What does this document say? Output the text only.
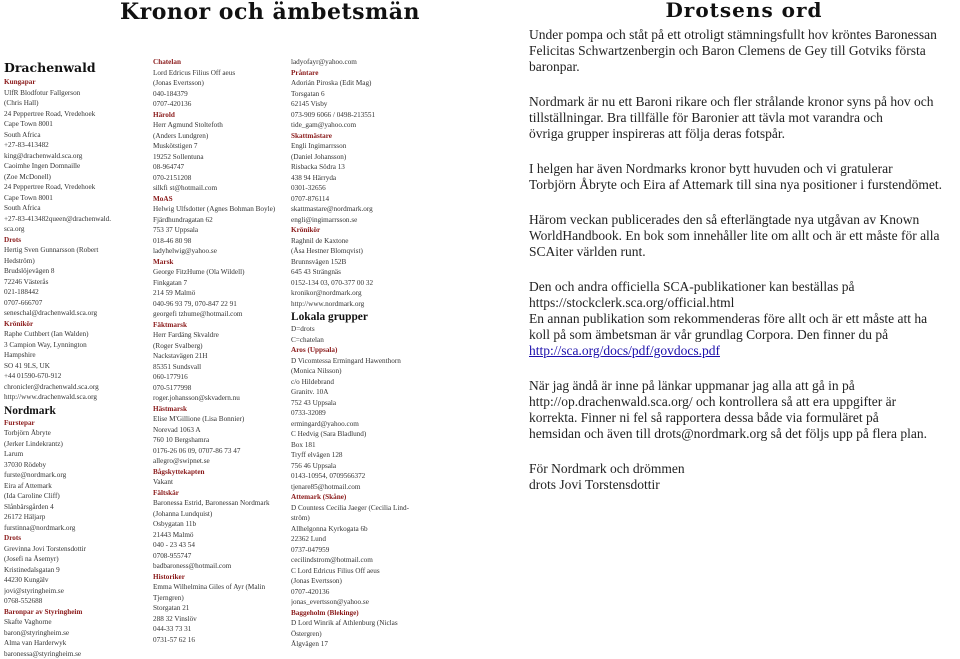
Kronor och ämbetsmän
Drachenwald
Kungapar
UlfR Blodfotur Fallgerson
(Chris Hall)
24 Peppertree Road, Vredehoek
Cape Town 8001
South Africa
+27-83-413482
king@drachenwald.sca.org
Caoimhe Ingen Domnaille
(Zoe McDonell)
24 Peppertree Road, Vredehoek
Cape Town 8001
South Africa
+27-83-413482queen@drachenwald.
sca.org
Drots
Hertig Sven Gunnarsson (Robert
Hedström)
Brudslöjevägen 8
72246 Västerås
021-188442
0707-666707
seneschal@drachenwald.sca.org
Krönikör
Raphe Cuthbert (Ian Walden)
3 Campion Way, Lynnington
Hampshire
SO 41 9LS, UK
+44 01590-670-912
chronicler@drachenwald.sca.org
http://www.drachenwald.sca.org
Nordmark
Furstepar
Torbjörn Åbryte
(Jerker Lindekrantz)
Larum
37030 Rödeby
furste@nordmark.org
Eira af Attemark
(Ida Caroline Cliff)
Slånbärsgården 4
26172 Häljarp
furstinna@nordmark.org
Drots
Grevinna Jovi Torstensdottir
(Josefi na Åsemyr)
Kristinedalsgatan 9
44230 Kungälv
jovi@styringheim.se
0768-552688
Baronpar av Styringheim
Skafte Vaghorne
baron@styringheim.se
Alma van Harderwyk
baronessa@styringheim.se
Chatelan
Lord Edricus Filius Off aeus
(Jonas Evertsson)
040-184379
0707-420136
Härold
Herr Agmund Stoltefoth
(Anders Lundgren)
Muskötstigen 7
19252 Sollentuna
08-964747
070-2151208
silkfi st@hotmail.com
MoAS
Helwig Ulfsdotter (Agnes Bohman Boyle)
Fjärdhundragatan 62
753 37 Uppsala
018-46 80 98
ladyhelwig@yahoo.se
Marsk
George FitzHume (Ola Wildell)
Finkgatan 7
214 59 Malmö
040-96 93 79, 070-847 22 91
georgefi tzhume@hotmail.com
Fäktmarsk
Herr Fardäng Skvaldre
(Roger Svalberg)
Nackstavägen 21H
85351 Sundsvall
060-177916
070-5177998
roger.johansson@skvadern.nu
Hästmarsk
Elise M'Gillione (Lisa Bonnier)
Norevad 1063 A
760 10 Bergshamra
0176-26 06 09, 0707-86 73 47
allegro@swipnet.se
Bågskyttekapten
Vakant
Fältskär
Baronessa Estrid, Baronessan Nordmark
(Johanna Lundquist)
Osbygatan 11b
21443 Malmö
040 - 23 43 54
0708-955747
badbaroness@hotmail.com
Historiker
Emma Wilhelmina Giles of Ayr (Malin
Tjerngren)
Storgatan 21
288 32 Vinslöv
044-33 73 31
0731-57 62 16
ladyofayr@yahoo.com
Pråntare
Adorián Piroska (Edit Mag)
Torsgatan 6
62145 Visby
073-909 6066 / 0498-213551
tide_gam@yahoo.com
Skattmästare
Engli Ingimarrsson
(Daniel Johansson)
Risbacka Södra 13
438 94 Härryda
0301-32656
0707-876114
skattmastare@nordmark.org
engli@ingimarrsson.se
Krönikör
Raghnil de Kaxtone
(Åsa Hestner Blomqvist)
Brunnsvägen 152B
645 43 Strängnäs
0152-134 03, 070-377 00 32
kronikor@nordmark.org
http://www.nordmark.org
Lokala grupper
D=drots
C=chatelan
Aros (Uppsala)
D Vicomtessa Ermingard Hawenthorn
(Monica Nilsson)
c/o Hildebrand
Granitv. 10A
752 43 Uppsala
0733-32089
ermingard@yahoo.com
C Hedvig (Sara Bladlund)
Box 181
Tryff elvägen 128
756 46 Uppsala
0143-10954, 0709566372
tjenare85@hotmail.com
Attemark (Skåne)
D Countess Cecilia Jaeger (Cecilia Lind-
ström)
Allhelgonna Kyrkogata 6b
22362 Lund
0737-047959
cecilindstrom@hotmail.com
C Lord Edricus Filius Off aeus
(Jonas Evertsson)
0707-420136
jonas_evertsson@yahoo.se
Baggeholm (Blekinge)
D Lord Winrik af Athlenburg (Niclas
Östergren)
Ålgvägen 17
Drotsens ord
Under pompa och ståt på ett otroligt stämningsfullt hov kröntes Baronessan
Felicitas Schwartzenbergin och Baron Clemens de Gey till Gotviks första
baronpar.
Nordmark är nu ett Baroni rikare och fler strålande kronor syns på hov och
tillställningar. Bra tillfälle för Baronier att tävla mot varandra och
övriga grupper inspireras att följa deras fotspår.
I helgen har även Nordmarks kronor bytt huvuden och vi gratulerar
Torbjörn Åbryte och Eira af Attemark till sina nya positioner i furstendömet.
Härom veckan publicerades den så efterlängtade nya utgåvan av Known
WorldHandbook. En bok som innehåller lite om allt och är ett måste för alla
SCAiter världen runt.
Den och andra officiella SCA-publikationer kan beställas på
https://stockclerk.sca.org/official.html
En annan publikation som rekommenderas före allt och är ett måste att ha
koll på som ämbetsman är vår grundlag Corpora. Den finner du på
http://sca.org/docs/pdf/govdocs.pdf
När jag ändå är inne på länkar uppmanar jag alla att gå in på
http://op.drachenwald.sca.org/ och kontrollera så att era uppgifter är
korrekta. Finner ni fel så rapportera dessa både via formuläret på
hemsidan och även till drots@nordmark.org så det följs upp på flera plan.
För Nordmark och drömmen
drots Jovi Torstensdottir
